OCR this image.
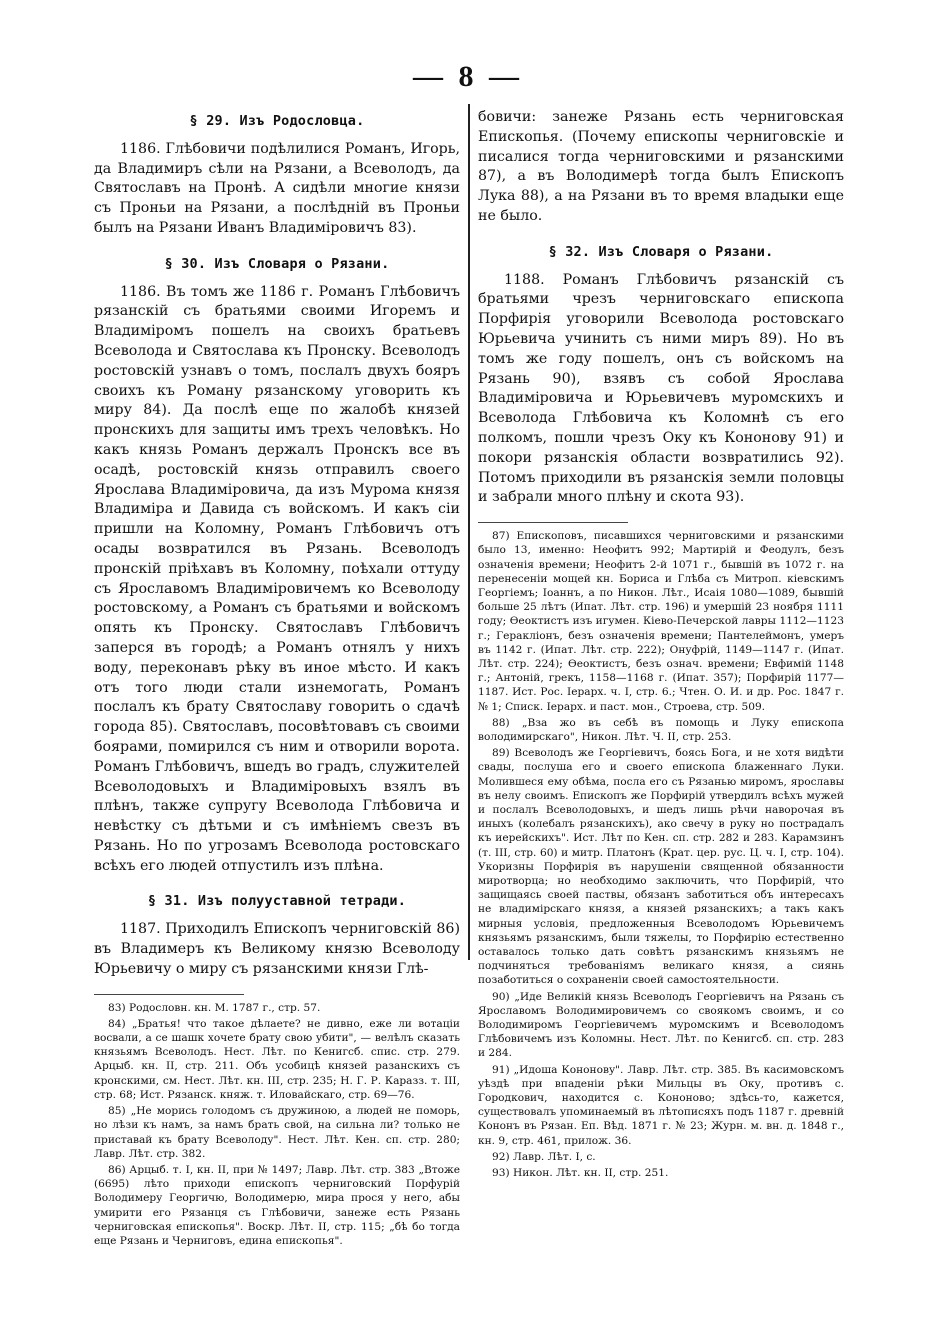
— 8 —
§ 29. Изъ Родословца.

1186. Глѣбовичи подѣлилися Романъ, Игорь, да Владимиръ сѣли на Рязани, а Всеволодъ, да Святославъ на Пронѣ. А сидѣли многие князи съ Проньи на Рязани, а послѣдній въ Проньи былъ на Рязани Иванъ Владиміровичъ 83).

§ 30. Изъ Словаря о Рязани.

1186. Въ томъ же 1186 г. Романъ Глѣбовичъ рязанскій съ братьями своими Игоремъ и Владиміромъ пошелъ на своихъ братьевъ Всеволода и Святослава къ Пронску. Всеволодъ ростовскій узнавъ о томъ, послалъ двухъ бояръ своихъ къ Роману рязанскому уговорить къ миру 84). Да послѣ еще по жалобѣ князей пронскихъ для защиты имъ трехъ человѣкъ. Но какъ князь Романъ держалъ Пронскъ все въ осадѣ, ростовскій князь отправилъ своего Ярослава Владиміровича, да изъ Мурома князя Владиміра и Давида съ войскомъ. И какъ сіи пришли на Коломну, Романъ Глѣбовичъ отъ осады возвратился въ Рязань. Всеволодъ пронскій пріѣхавъ въ Коломну, поѣхали оттуду съ Ярославомъ Владиміровичемъ ко Всеволоду ростовскому, а Романъ съ братьями и войскомъ опять къ Пронску. Святославъ Глѣбовичъ заперся въ городѣ; а Романъ отнялъ у нихъ воду, переконавъ рѣку въ иное мѣсто. И какъ отъ того люди стали изнемогать, Романъ послалъ къ брату Святославу говорить о сдачѣ города 85). Святославъ, посовѣтовавъ съ своими боярами, помирился съ ним и отворили ворота. Романъ Глѣбовичъ, вшедъ во градъ, служителей Всеволодовыхъ и Владиміровыхъ взялъ въ плѣнъ, также супругу Всеволода Глѣбовича и невѣстку съ дѣтьми и съ имѣніемъ свезъ въ Рязань. Но по угрозамъ Всеволода ростовскаго всѣхъ его людей отпустилъ изъ плѣна.

§ 31. Изъ полууставной тетради.

1187. Приходилъ Епископъ черниговскій 86) въ Владимеръ къ Великому князю Всеволоду Юрьевичу о миру съ рязанскими князи Глѣ-

83) Родословн. кн. М. 1787 г., стр. 57.

84) „Братья! что такое дѣлаете? не дивно, еже ли вотаціи восвали, а се шашк хочете брату свою убити", — велѣлъ сказать князьямъ Всеволодъ. Нест. Лѣт. по Кенигсб. спис. стр. 279. Арцыб. кн. II, стр. 211. Объ усобицѣ князей разанскихъ съ кронскими, см. Нест. Лѣт. кн. III, стр. 235; Н. Г. Р. Каразз. т. III, стр. 68; Ист. Рязанск. княж. т. Иловайскаго, стр. 69—76.

85) „Не морись голодомъ съ дружиною, а людей не поморь, но лѣзи къ намъ, за намъ брать свой, на сильна ли? только не приставай къ брату Всеволоду". Нест. Лѣт. Кен. сп. стр. 280; Лавр. Лѣт. стр. 382.

86) Арцыб. т. I, кн. II, при № 1497; Лавр. Лѣт. стр. 383 „Втоже (6695) лѣто приходи епископъ черниговский Порфурій Володимеру Георгичю, Володимерю, мира прося у него, абы умирити его Рязанця съ Глѣбовичи, занеже есть Рязань черниговская епископья". Воскр. Лѣт. II, стр. 115; „бѣ бо тогда еще Рязань и Черниговъ, едина епископья".

бовичи: занеже Рязань есть черниговская Епископья. (Почему епископы черниговскіе и писалися тогда черниговскими и рязанскими 87), а въ Володимерѣ тогда былъ Епископъ Лука 88), а на Рязани въ то время владыки еще не было.

§ 32. Изъ Словаря о Рязани.

1188. Романъ Глѣбовичъ рязанскій съ братьями чрезъ черниговскаго епископа Порфирія уговорили Всеволода ростовскаго Юрьевича учинить съ ними миръ 89). Но въ томъ же году пошелъ, онъ съ войскомъ на Рязань 90), взявъ съ собой Ярослава Владиміровича и Юрьевичевъ муромскихъ и Всеволода Глѣбовича къ Коломнѣ съ его полкомъ, пошли чрезъ Оку къ Кононову 91) и покори рязанскія области возвратились 92). Потомъ приходили въ рязанскія земли половцы и забрали много плѣну и скота 93).

87) Епископовъ, писавшихся черниговскими и рязанскими было 13, именно: Неофитъ 992; Мартирій и Феодулъ, безъ означенія времени; Неофитъ 2-й 1071 г., бывшій въ 1072 г. на перенесеніи мощей кн. Бориса и Глѣба съ Митроп. кіевскимъ Георгіемъ; Іоаннъ, а по Никон. Лѣт., Исаія 1080—1089, бывшій больше 25 лѣтъ (Ипат. Лѣт. стр. 196) и умершій 23 ноября 1111 году; Ѳеоктистъ изъ игумен. Кіево-Печерской лавры 1112—1123 г.; Геракліонъ, безъ означенія времени; Пантелеймонъ, умеръ въ 1142 г. (Ипат. Лѣт. стр. 222); Онуфрій, 1149—1147 г. (Ипат. Лѣт. стр. 224); Ѳеоктистъ, безъ означ. времени; Евфимій 1148 г.; Антоній, грекъ, 1158—1168 г. (Ипат. 357); Порфирій 1177—1187. Ист. Рос. Іерарх. ч. I, стр. 6.; Чтен. О. И. и др. Рос. 1847 г. № 1; Списк. Іерарх. и паст. мон., Строева, стр. 509.

88) „Вза жо въ себѣ въ помощь и Луку епископа володимирскаго", Никон. Лѣт. Ч. II, стр. 253.

89) Всеволодъ же Георгіевичъ, боясь Бога, и не хотя видѣти свады, послуша его и своего епископа блаженнаго Луки. Молившеся ему обѣма, посла его съ Рязанью миромъ, ярославы въ нелу своимъ. Епископъ же Порфирій утвердилъ всѣхъ мужей и послалъ Всеволодовыхъ, и шедъ лишь рѣчи наворочая въ иныхъ (колебалъ рязанскихъ), ако свечу в руку но пострадалъ къ иерейскихъ". Ист. Лѣт по Кен. сп. стр. 282 и 283. Карамзинъ (т. III, стр. 60) и митр. Платонъ (Крат. цер. рус. Ц. ч. I, стр. 104). Укоризны Порфирія въ нарушеніи священной обязанности миротворца; но необходимо заключить, что Порфирій, что защищаясь своей паствы, обязанъ заботиться объ интересахъ не владимірскаго князя, а князей рязанскихъ; а такъ какъ мирныя условія, предложенныя Всеволодомъ Юрьевичемъ князьямъ рязанскимъ, были тяжелы, то Порфирію естественно оставалось только дать совѣтъ рязанскимъ князьямъ не подчиняться требованіямъ великаго князя, а сиянь позаботиться о сохраненіи своей самостоятельности.

90) „Иде Великій князь Всеволодъ Георгіевичъ на Рязань съ Ярославомъ Володимировичемъ со своякомъ своимъ, и со Володимиромъ Георгіевичемъ муромскимъ и Всеволодомъ Глѣбовичемъ изъ Коломны. Нест. Лѣт. по Кенигсб. сп. стр. 283 и 284.

91) „Идоша Кононову". Лавр. Лѣт. стр. 385. Въ касимовскомъ уѣздѣ при впаденіи рѣки Мильцы въ Оку, противъ с. Городкович, находится с. Кононово; здѣсь-то, кажется, существовалъ упоминаемый въ лѣтописяхъ подъ 1187 г. древній Кононъ въ Рязан. Еп. Вѣд. 1871 г. № 23; Журн. м. вн. д. 1848 г., кн. 9, стр. 461, прилож. 36.

92) Лавр. Лѣт. I, с.

93) Никон. Лѣт. кн. II, стр. 251.
